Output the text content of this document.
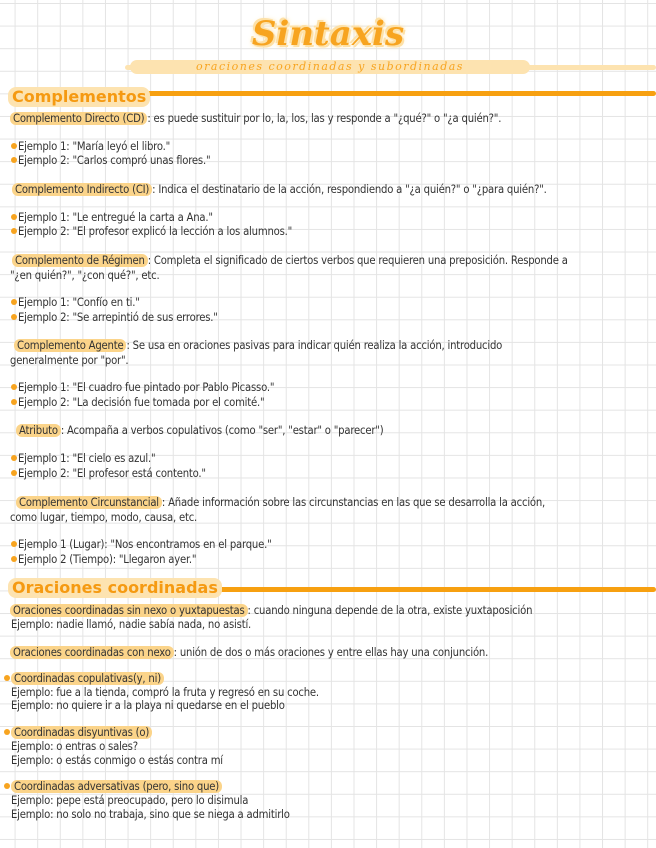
Sintaxis
oraciones coordinadas y subordinadas
Complementos
Complemento Directo (CD) : es puede sustituir por lo, la, los, las y responde a "¿qué?" o "¿a quién?".
Ejemplo 1: "María leyó el libro."
Ejemplo 2: "Carlos compró unas flores."
Complemento Indirecto (CI) : Indica el destinatario de la acción, respondiendo a "¿a quién?" o "¿para quién?".
Ejemplo 1: "Le entregué la carta a Ana."
Ejemplo 2: "El profesor explicó la lección a los alumnos."
Complemento de Régimen : Completa el significado de ciertos verbos que requieren una preposición. Responde a
"¿en quién?", "¿con qué?", etc.
Ejemplo 1: "Confío en ti."
Ejemplo 2: "Se arrepintió de sus errores."
Complemento Agente : Se usa en oraciones pasivas para indicar quién realiza la acción, introducido
generalmente por "por".
Ejemplo 1: "El cuadro fue pintado por Pablo Picasso."
Ejemplo 2: "La decisión fue tomada por el comité."
Atributo : Acompaña a verbos copulativos (como "ser", "estar" o "parecer")
Ejemplo 1: "El cielo es azul."
Ejemplo 2: "El profesor está contento."
Complemento Circunstancial : Añade información sobre las circunstancias en las que se desarrolla la acción,
como lugar, tiempo, modo, causa, etc.
Ejemplo 1 (Lugar): "Nos encontramos en el parque."
Ejemplo 2 (Tiempo): "Llegaron ayer."
Oraciones coordinadas
Oraciones coordinadas sin nexo o yuxtapuestas : cuando ninguna depende de la otra, existe yuxtaposición
Ejemplo: nadie llamó, nadie sabía nada, no asistí.
Oraciones coordinadas con nexo : unión de dos o más oraciones y entre ellas hay una conjunción.
Coordinadas copulativas(y, ni)
Ejemplo: fue a la tienda, compró la fruta y regresó en su coche.
Ejemplo: no quiere ir a la playa ni quedarse en el pueblo
Coordinadas disyuntivas (o)
Ejemplo: o entras o sales?
Ejemplo: o estás conmigo o estás contra mí
Coordinadas adversativas (pero, sino que)
Ejemplo: pepe está preocupado, pero lo disimula
Ejemplo: no solo no trabaja, sino que se niega a admitirlo
